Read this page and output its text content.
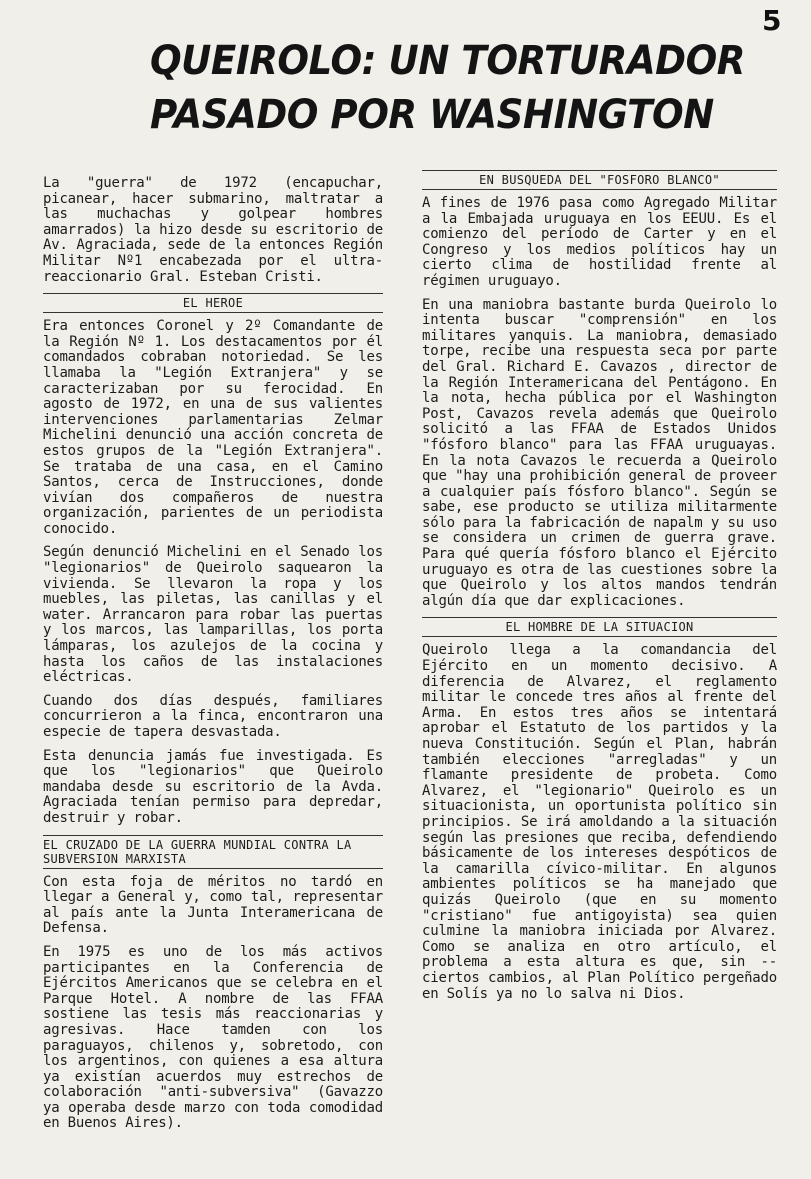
5
QUEIROLO: UN TORTURADOR
PASADO POR WASHINGTON

La "guerra" de 1972 (encapuchar, picanear, hacer submarino, maltratar a las muchachas y golpear hombres amarrados) la hizo desde su escritorio de Av. Agraciada, sede de la entonces Región Militar Nº1 encabezada por el ultra-reaccionario Gral. Esteban Cristi.

EL HEROE

Era entonces Coronel y 2º Comandante de la Región Nº 1. Los destacamentos por él comandados cobraban notoriedad. Se les llamaba la "Legión Extranjera" y se caracterizaban por su ferocidad. En agosto de 1972, en una de sus valientes intervenciones parlamentarias Zelmar Michelini denunció una acción concreta de estos grupos de la "Legión Extranjera". Se trataba de una casa, en el Camino Santos, cerca de Instrucciones, donde vivían dos compañeros de nuestra organización, parientes de un periodista conocido.

Según denunció Michelini en el Senado los "legionarios" de Queirolo saquearon la vivienda. Se llevaron la ropa y los muebles, las piletas, las canillas y el water. Arrancaron para robar las puertas y los marcos, las lamparillas, los porta lámparas, los azulejos de la cocina y hasta los caños de las instalaciones eléctricas.

Cuando dos días después, familiares concurrieron a la finca, encontraron una especie de tapera desvastada.

Esta denuncia jamás fue investigada. Es que los "legionarios" que Queirolo mandaba desde su escritorio de la Avda. Agraciada tenían permiso para depredar, destruir y robar.

EL CRUZADO DE LA GUERRA MUNDIAL CONTRA LA SUBVERSION MARXISTA

Con esta foja de méritos no tardó en llegar a General y, como tal, representar al país ante la Junta Interamericana de Defensa.

En 1975 es uno de los más activos participantes en la Conferencia de Ejércitos Americanos que se celebra en el Parque Hotel. A nombre de las FFAA sostiene las tesis más reaccionarias y agresivas. Hace tamden con los paraguayos, chilenos y, sobretodo, con los argentinos, con quienes a esa altura ya existían acuerdos muy estrechos de colaboración "anti-subversiva" (Gavazzo ya operaba desde marzo con toda comodidad en Buenos Aires).

EN BUSQUEDA DEL "FOSFORO BLANCO"

A fines de 1976 pasa como Agregado Militar a la Embajada uruguaya en los EEUU. Es el comienzo del período de Carter y en el Congreso y los medios políticos hay un cierto clima de hostilidad frente al régimen uruguayo.

En una maniobra bastante burda Queirolo lo intenta buscar "comprensión" en los militares yanquis. La maniobra, demasiado torpe, recibe una respuesta seca por parte del Gral. Richard E. Cavazos , director de la Región Interamericana del Pentágono. En la nota, hecha pública por el Washington Post, Cavazos revela además que Queirolo solicitó a las FFAA de Estados Unidos "fósforo blanco" para las FFAA uruguayas. En la nota Cavazos le recuerda a Queirolo que "hay una prohibición general de proveer a cualquier país fósforo blanco". Según se sabe, ese producto se utiliza militarmente sólo para la fabricación de napalm y su uso se considera un crimen de guerra grave. Para qué quería fósforo blanco el Ejército uruguayo es otra de las cuestiones sobre la que Queirolo y los altos mandos tendrán algún día que dar explicaciones.

EL HOMBRE DE LA SITUACION

Queirolo llega a la comandancia del Ejército en un momento decisivo. A diferencia de Alvarez, el reglamento militar le concede tres años al frente del Arma. En estos tres años se intentará aprobar el Estatuto de los partidos y la nueva Constitución. Según el Plan, habrán también elecciones "arregladas" y un flamante presidente de probeta. Como Alvarez, el "legionario" Queirolo es un situacionista, un oportunista político sin principios. Se irá amoldando a la situación según las presiones que reciba, defendiendo básicamente de los intereses despóticos de la camarilla cívico-militar. En algunos ambientes políticos se ha manejado que quizás Queirolo (que en su momento "cristiano" fue antigoyista) sea quien culmine la maniobra iniciada por Alvarez. Como se analiza en otro artículo, el problema a esta altura es que, sin --ciertos cambios, al Plan Político pergeñado en Solís ya no lo salva ni Dios.
